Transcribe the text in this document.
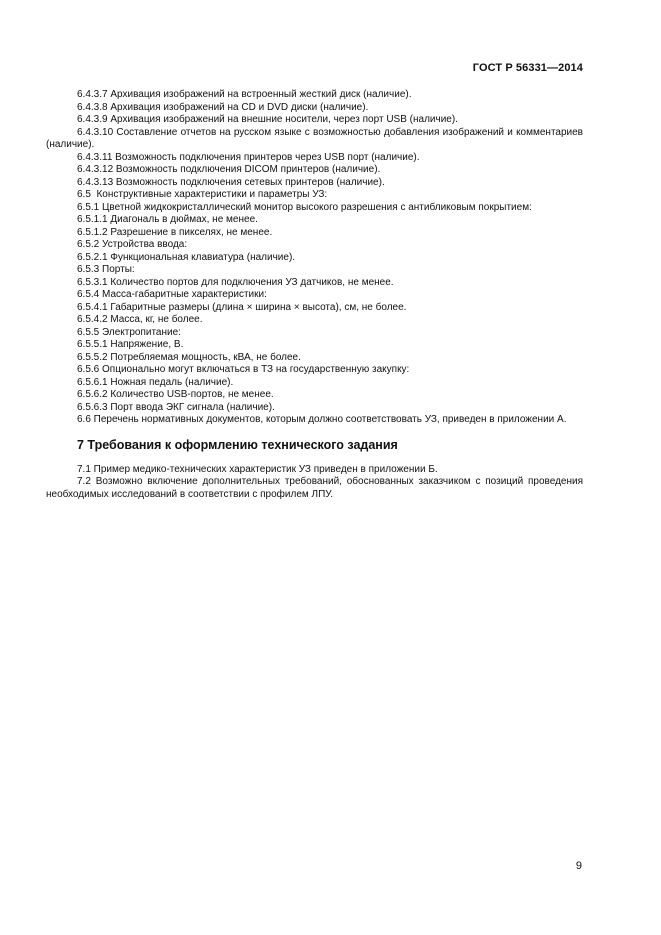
ГОСТ Р 56331—2014

6.4.3.7 Архивация изображений на встроенный жесткий диск (наличие).

6.4.3.8 Архивация изображений на CD и DVD диски (наличие).

6.4.3.9 Архивация изображений на внешние носители, через порт USB (наличие).

6.4.3.10 Составление отчетов на русском языке с возможностью добавления изображений и комментариев (наличие).

6.4.3.11 Возможность подключения принтеров через USB порт (наличие).

6.4.3.12 Возможность подключения DICOM принтеров (наличие).

6.4.3.13 Возможность подключения сетевых принтеров (наличие).

6.5  Конструктивные характеристики и параметры УЗ:

6.5.1 Цветной жидкокристаллический монитор высокого разрешения с антибликовым покрытием:

6.5.1.1 Диагональ в дюймах, не менее.

6.5.1.2 Разрешение в пикселях, не менее.

6.5.2 Устройства ввода:

6.5.2.1 Функциональная клавиатура (наличие).

6.5.3 Порты:

6.5.3.1 Количество портов для подключения УЗ датчиков, не менее.

6.5.4 Масса-габаритные характеристики:

6.5.4.1 Габаритные размеры (длина × ширина × высота), см, не более.

6.5.4.2 Масса, кг, не более.

6.5.5 Электропитание:

6.5.5.1 Напряжение, В.

6.5.5.2 Потребляемая мощность, кВА, не более.

6.5.6 Опционально могут включаться в ТЗ на государственную закупку:

6.5.6.1 Ножная педаль (наличие).

6.5.6.2 Количество USB-портов, не менее.

6.5.6.3 Порт ввода ЭКГ сигнала (наличие).

6.6 Перечень нормативных документов, которым должно соответствовать УЗ, приведен в приложении А.

7 Требования к оформлению технического задания

7.1 Пример медико-технических характеристик УЗ приведен в приложении Б.

7.2 Возможно включение дополнительных требований, обоснованных заказчиком с позиций проведения необходимых исследований в соответствии с профилем ЛПУ.

9
